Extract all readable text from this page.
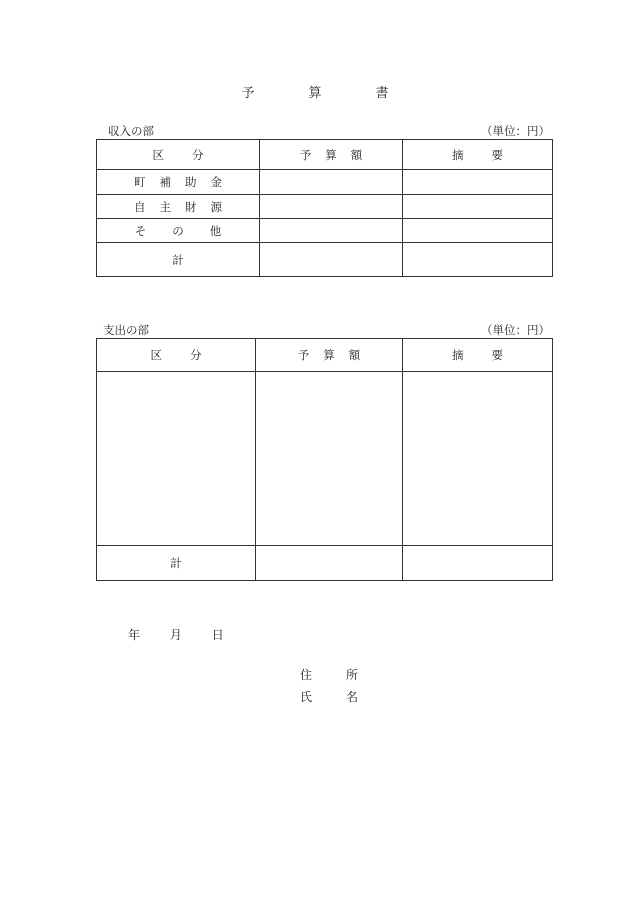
予算書
収入の部	（単位：円）
区分	予算額	摘要
町補助金		
自主財源		
その他		
計		
支出の部	（単位：円）
区分	予算額	摘要

計		
年 月 日
住所
氏名
